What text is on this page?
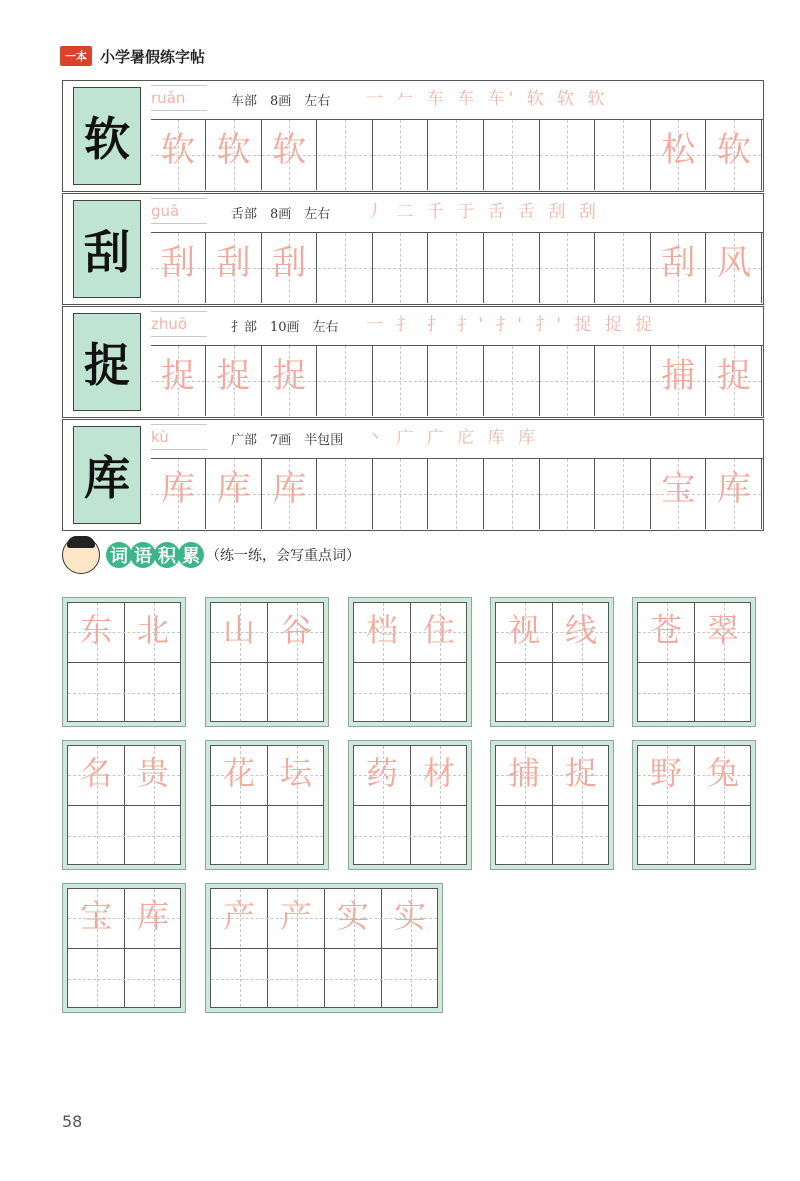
一本 小学暑假练字帖
软
ruǎn	车部　8画　左右 一 𠂉 车 车 车' 软 软 软
软 软 软	松 软
刮
guā	舌部　8画　左右 丿 二 千 于 舌 舌 刮 刮
刮 刮 刮	刮 风
捉
zhuō	扌部　10画　左右 一 扌 扌 扌' 扌' 扌' 捉 捉 捉
捉 捉 捉	捕 捉
库
kù	广部　7画　半包围 丶 广 广 庀 库 库
库 库 库	宝 库
词 语 积 累 （练一练，会写重点词）
东 北	山 谷	档 住	视 线	苍 翠
名 贵	花 坛	药 材	捕 捉	野 兔
宝 库	产 产 实 实
58
